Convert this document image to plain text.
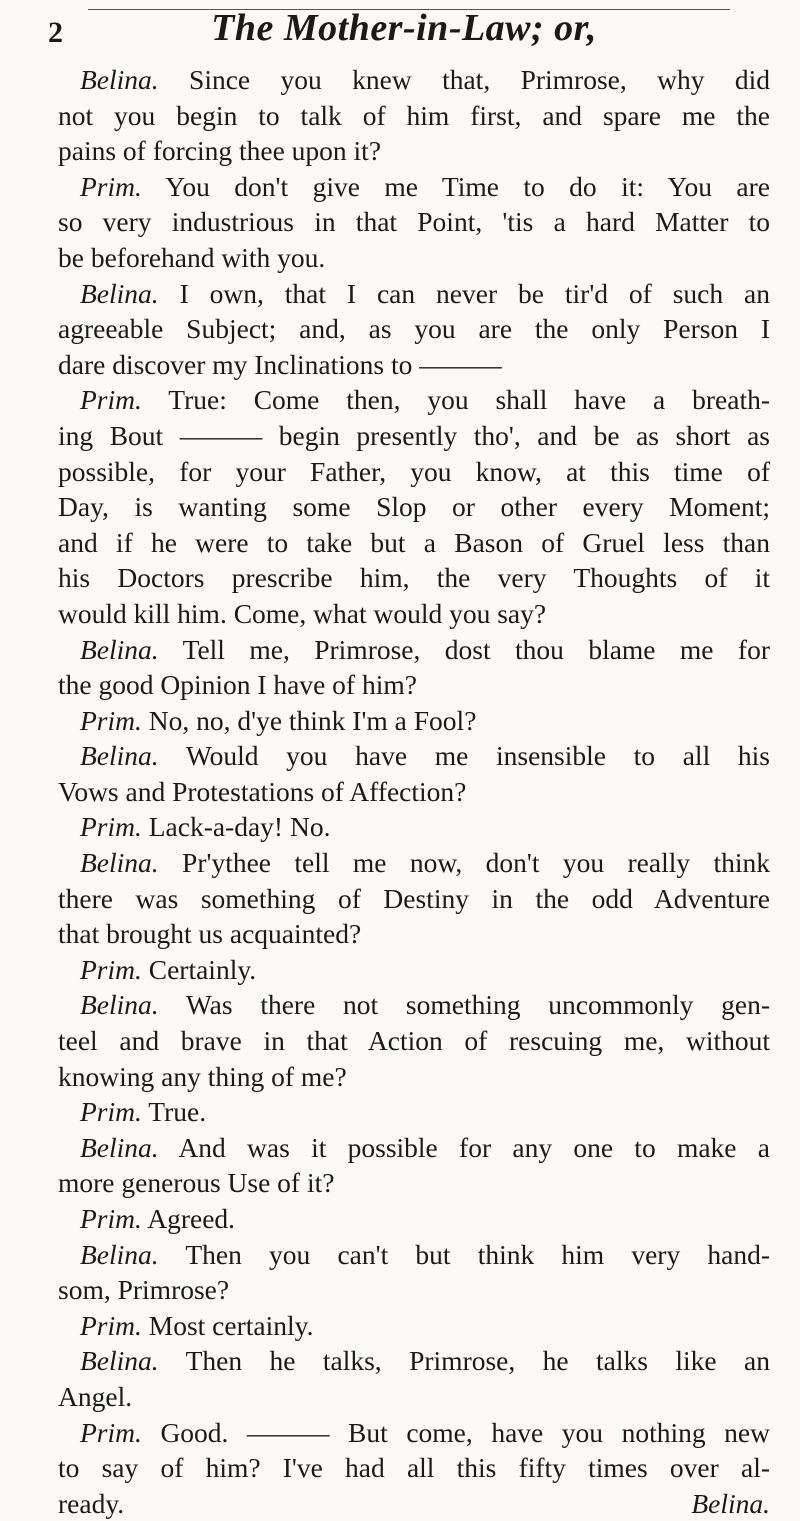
2	The Mother-in-Law; or,
Belina. Since you knew that, Primrose, why did
not you begin to talk of him first, and spare me the
pains of forcing thee upon it?
Prim. You don't give me Time to do it: You are
so very industrious in that Point, 'tis a hard Matter to
be beforehand with you.
Belina. I own, that I can never be tir'd of such an
agreeable Subject; and, as you are the only Person I
dare discover my Inclinations to ———
Prim. True: Come then, you shall have a breath-
ing Bout ——— begin presently tho', and be as short as
possible, for your Father, you know, at this time of
Day, is wanting some Slop or other every Moment;
and if he were to take but a Bason of Gruel less than
his Doctors prescribe him, the very Thoughts of it
would kill him. Come, what would you say?
Belina. Tell me, Primrose, dost thou blame me for
the good Opinion I have of him?
Prim. No, no, d'ye think I'm a Fool?
Belina. Would you have me insensible to all his
Vows and Protestations of Affection?
Prim. Lack-a-day! No.
Belina. Pr'ythee tell me now, don't you really think
there was something of Destiny in the odd Adventure
that brought us acquainted?
Prim. Certainly.
Belina. Was there not something uncommonly gen-
teel and brave in that Action of rescuing me, without
knowing any thing of me?
Prim. True.
Belina. And was it possible for any one to make a
more generous Use of it?
Prim. Agreed.
Belina. Then you can't but think him very hand-
som, Primrose?
Prim. Most certainly.
Belina. Then he talks, Primrose, he talks like an
Angel.
Prim. Good. ——— But come, have you nothing new
to say of him? I've had all this fifty times over al-
ready.	Belina.
